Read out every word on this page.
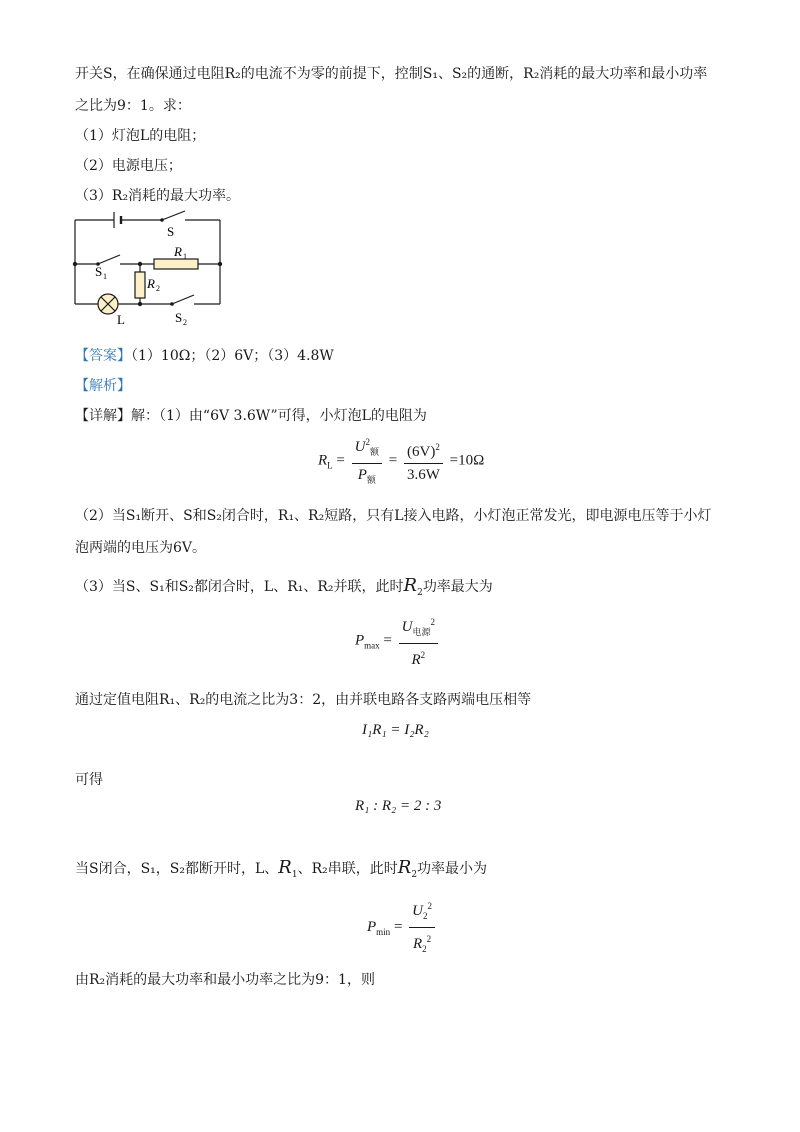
开关S，在确保通过电阻R₂的电流不为零的前提下，控制S₁、S₂的通断，R₂消耗的最大功率和最小功率
之比为9：1。求：
（1）灯泡L的电阻；
（2）电源电压；
（3）R₂消耗的最大功率。
S
S 1
R 1
R 2
L	S 2
【答案】（1）10Ω；（2）6V；（3）4.8W
【解析】
【详解】解：（1）由“6V 3.6W”可得，小灯泡L的电阻为
$R_L = \frac{U^2_额}{P_额} = \frac{(6V)^2}{3.6W} =10\Omega$
（2）当S₁断开、S和S₂闭合时，R₁、R₂短路，只有L接入电路，小灯泡正常发光，即电源电压等于小灯
泡两端的电压为6V。
（3）当S、S₁和S₂都闭合时，L、R₁、R₂并联，此时$R_2$功率最大为
$P_{max} = \frac{U_{电源}^2}{R^2}$
通过定值电阻R₁、R₂的电流之比为3：2，由并联电路各支路两端电压相等
I₁R₁ = I₂R₂
可得
R₁ : R₂ = 2 : 3
当S闭合，S₁，S₂都断开时，L、$R_1$、R₂串联，此时$R_2$功率最小为
$P_{min} = \frac{U_2^2}{R_2^2}$
由R₂消耗的最大功率和最小功率之比为9：1，则
